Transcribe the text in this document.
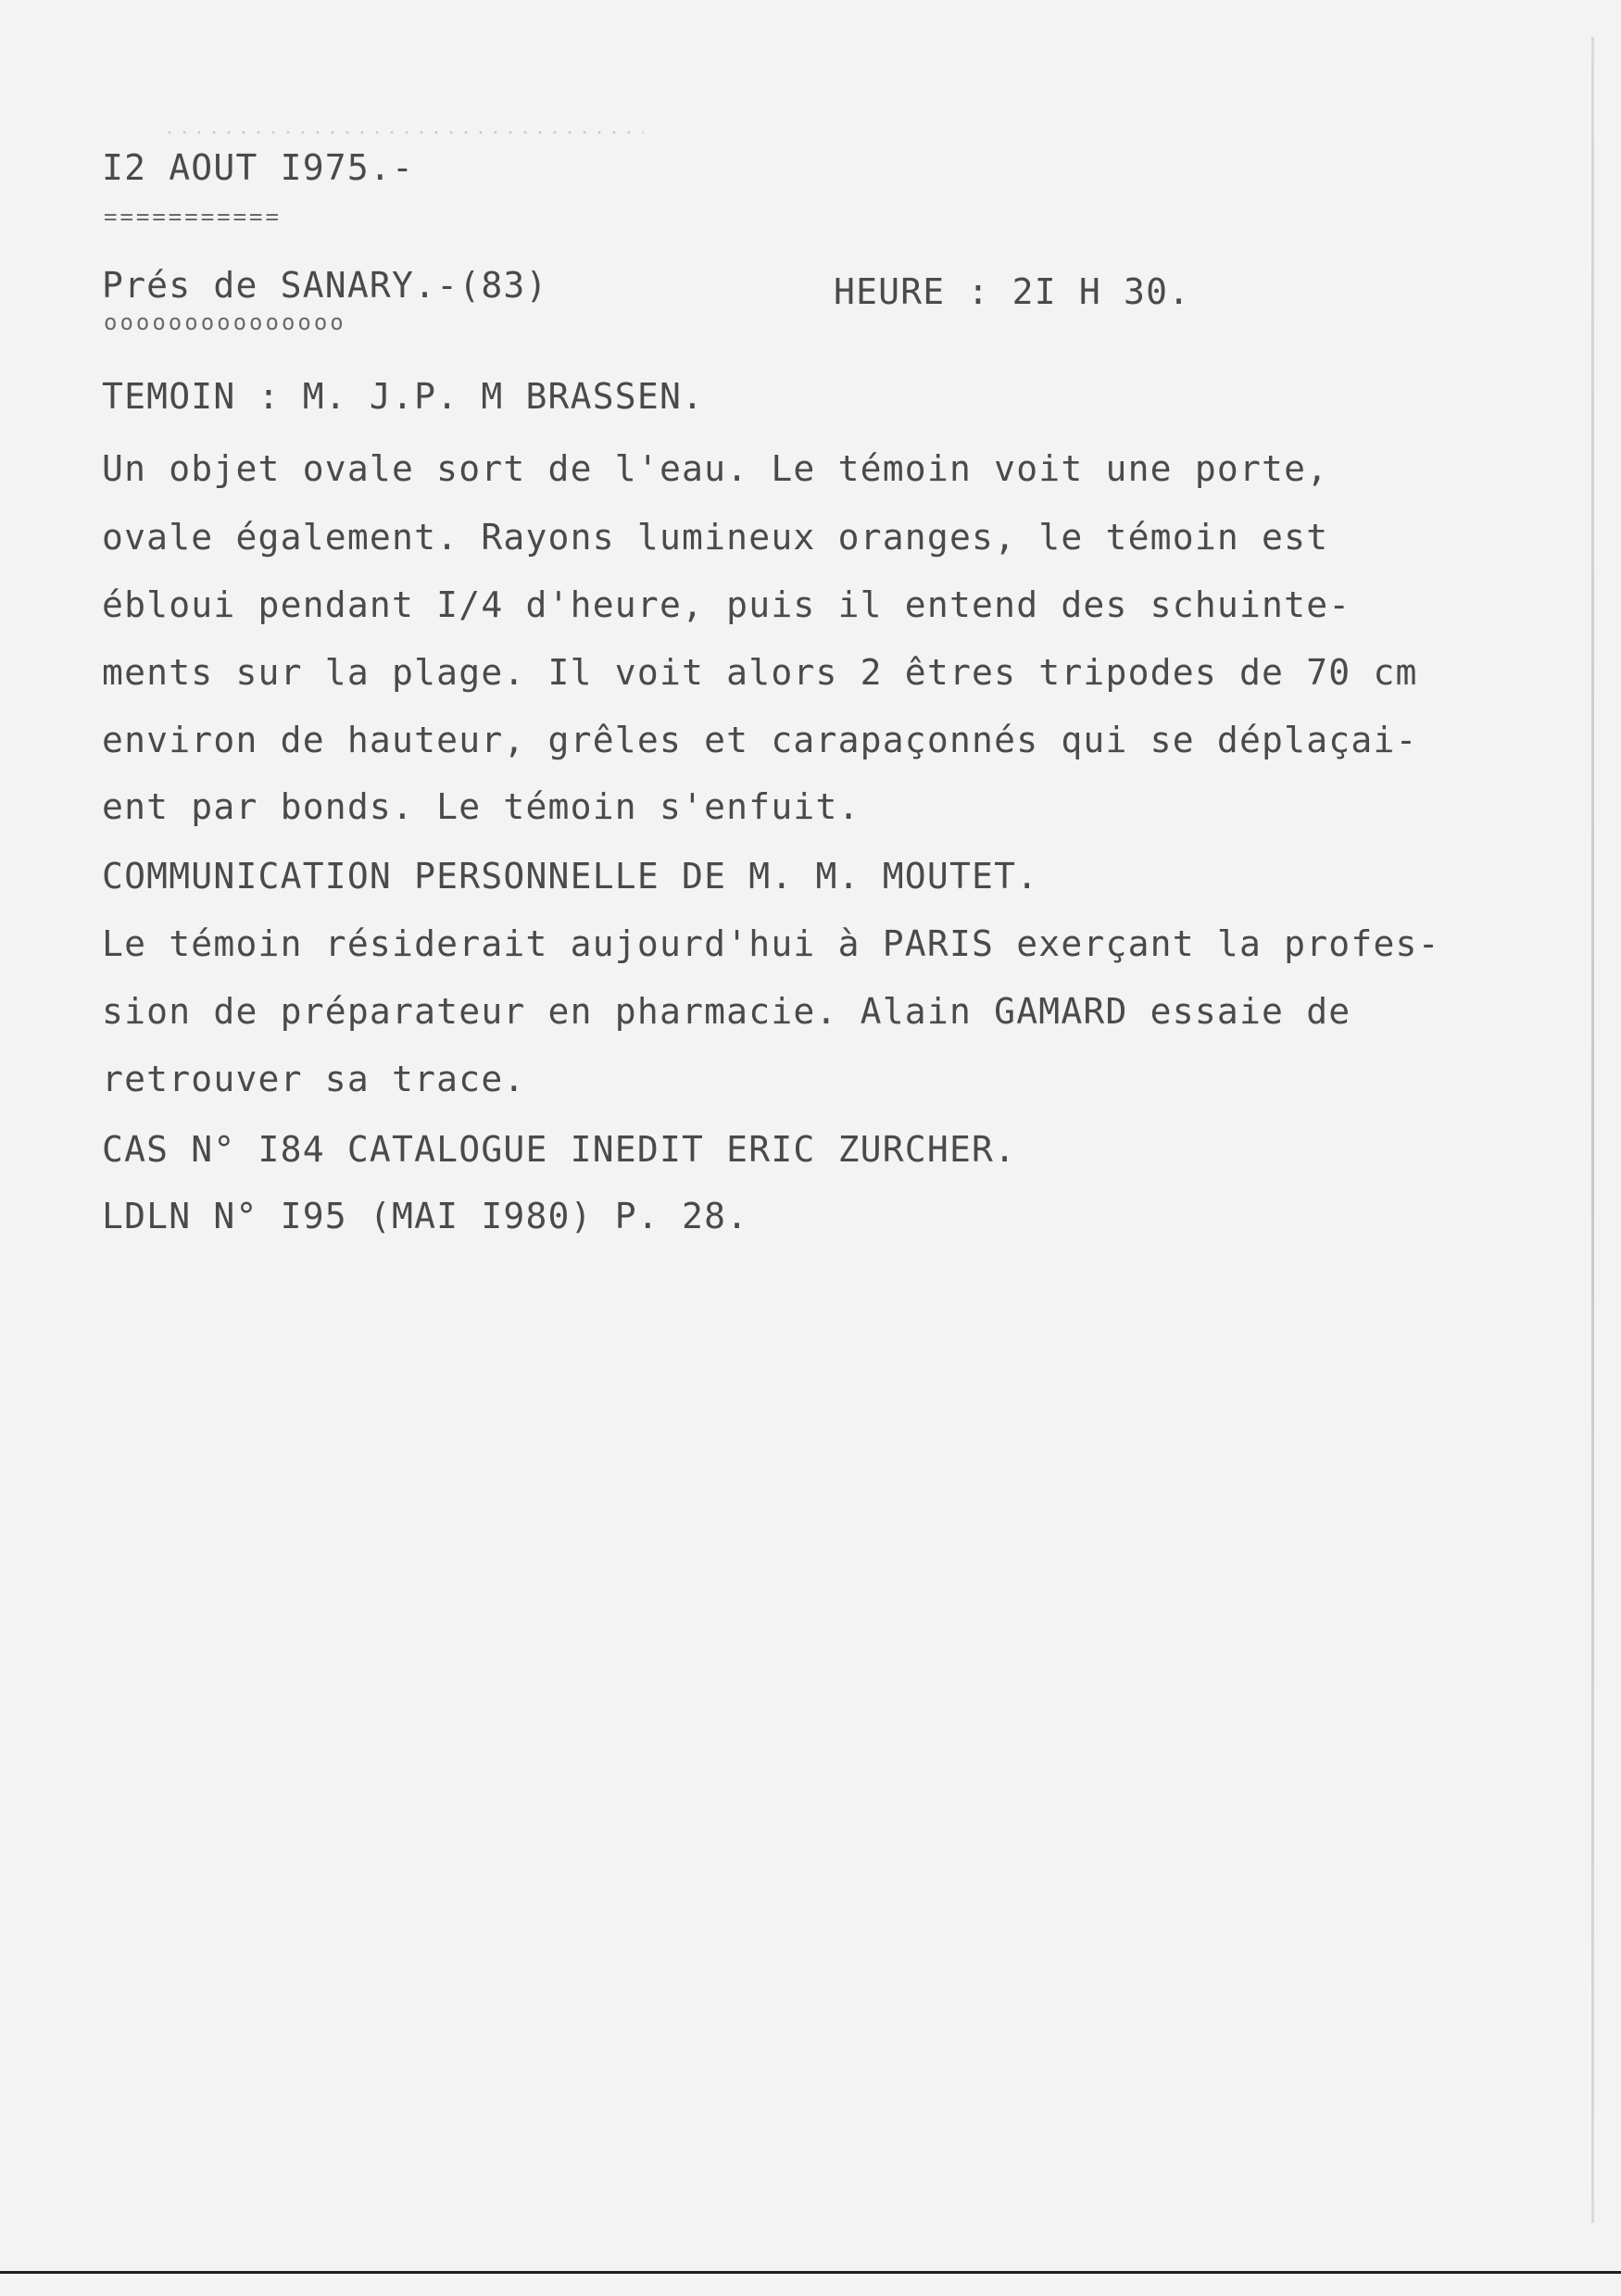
I2 AOUT I975.-
===========
Prés de SANARY.-(83)
ooooooooooooooo
HEURE : 2I H 30.
TEMOIN : M. J.P. M BRASSEN.
Un objet ovale sort de l'eau. Le témoin voit une porte,
ovale également. Rayons lumineux oranges, le témoin est
ébloui pendant I/4 d'heure, puis il entend des schuinte-
ments sur la plage. Il voit alors 2 êtres tripodes de 70 cm
environ de hauteur, grêles et carapaçonnés qui se déplaçai-
ent par bonds. Le témoin s'enfuit.
COMMUNICATION PERSONNELLE DE M. M. MOUTET.
Le témoin résiderait aujourd'hui à PARIS exerçant la profes-
sion de préparateur en pharmacie. Alain GAMARD essaie de
retrouver sa trace.
CAS N° I84 CATALOGUE INEDIT ERIC ZURCHER.
LDLN N° I95 (MAI I980) P. 28.
